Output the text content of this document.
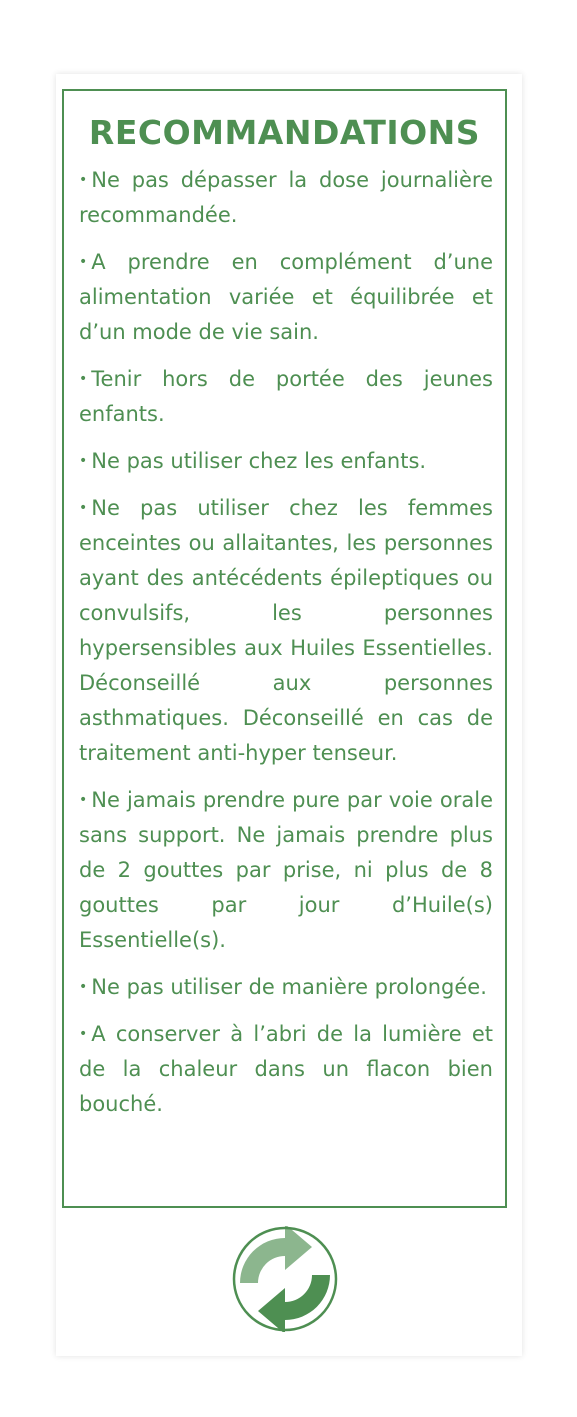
RECOMMANDATIONS
• Ne pas dépasser la dose journalière recommandée.
• A prendre en complément d’une alimentation variée et équilibrée et d’un mode de vie sain.
• Tenir hors de portée des jeunes enfants.
• Ne pas utiliser chez les enfants.
• Ne pas utiliser chez les femmes enceintes ou allaitantes, les personnes ayant des antécédents épileptiques ou convulsifs, les personnes hypersensibles aux Huiles Essentielles. Déconseillé aux personnes asthmatiques. Déconseillé en cas de traitement anti-hyper tenseur.
• Ne jamais prendre pure par voie orale sans support. Ne jamais prendre plus de 2 gouttes par prise, ni plus de 8 gouttes par jour d’Huile(s) Essentielle(s).
• Ne pas utiliser de manière prolongée.
• A conserver à l’abri de la lumière et de la chaleur dans un flacon bien bouché.
